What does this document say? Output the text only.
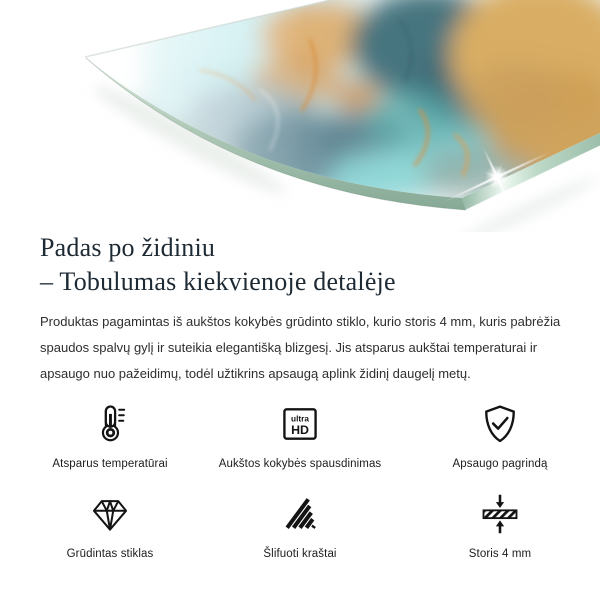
Padas po židiniu
– Tobulumas kiekvienoje detalėje

Produktas pagamintas iš aukštos kokybės grūdinto stiklo, kurio storis 4 mm, kuris pabrėžia spaudos spalvų gylį ir suteikia elegantišką blizgesį. Jis atsparus aukštai temperaturai ir apsaugo nuo pažeidimų, todėl užtikrins apsaugą aplink židinį daugelį metų.

Atsparus temperatūrai
ultra
HD
Aukštos kokybės spausdinimas	Apsaugo pagrindą
Grūdintas stiklas	Šlifuoti kraštai	Storis 4 mm
